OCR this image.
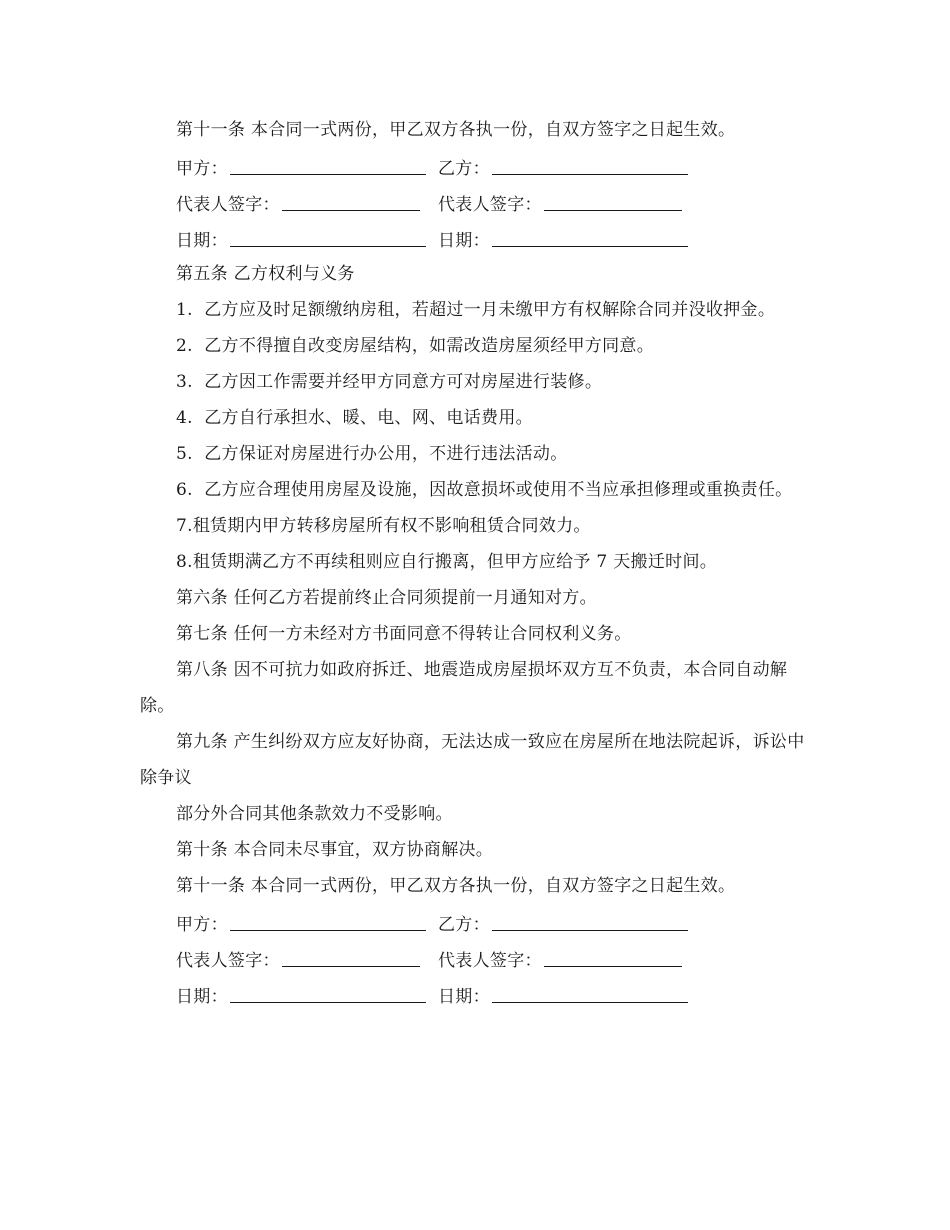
第十一条 本合同一式两份，甲乙双方各执一份，自双方签字之日起生效。

甲方：	乙方：
代表人签字：	代表人签字：
日期：	日期：

第五条 乙方权利与义务

1.  乙方应及时足额缴纳房租，若超过一月未缴甲方有权解除合同并没收押金。

2.  乙方不得擅自改变房屋结构，如需改造房屋须经甲方同意。

3.  乙方因工作需要并经甲方同意方可对房屋进行装修。

4.  乙方自行承担水、暖、电、网、电话费用。

5.  乙方保证对房屋进行办公用，不进行违法活动。

6.  乙方应合理使用房屋及设施，因故意损坏或使用不当应承担修理或重换责任。

7.租赁期内甲方转移房屋所有权不影响租赁合同效力。

8.租赁期满乙方不再续租则应自行搬离，但甲方应给予 7 天搬迁时间。

第六条 任何乙方若提前终止合同须提前一月通知对方。

第七条 任何一方未经对方书面同意不得转让合同权利义务。

第八条 因不可抗力如政府拆迁、地震造成房屋损坏双方互不负责，本合同自动解除。

第九条 产生纠纷双方应友好协商，无法达成一致应在房屋所在地法院起诉，诉讼中除争议

部分外合同其他条款效力不受影响。

第十条 本合同未尽事宜，双方协商解决。

第十一条 本合同一式两份，甲乙双方各执一份，自双方签字之日起生效。

甲方：	乙方：
代表人签字：	代表人签字：
日期：	日期：
